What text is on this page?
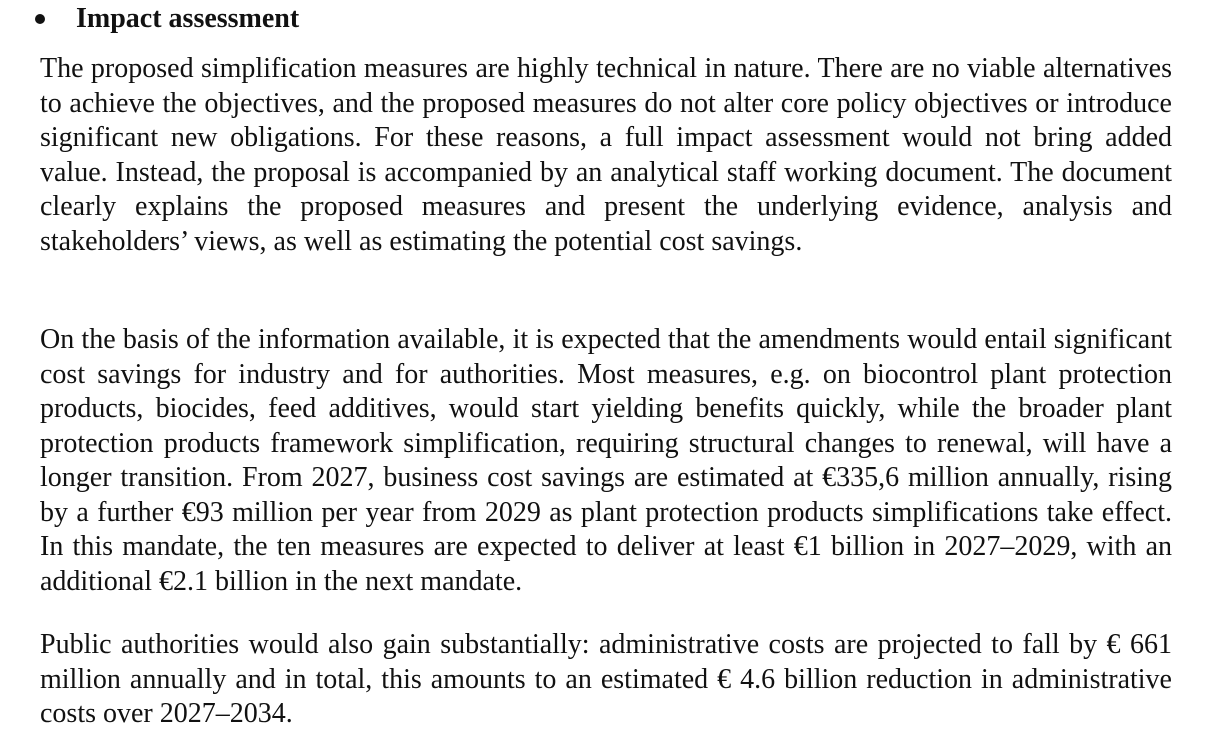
Impact assessment

The proposed simplification measures are highly technical in nature. There are no viable alternatives to achieve the objectives, and the proposed measures do not alter core policy objectives or introduce significant new obligations. For these reasons, a full impact assessment would not bring added value. Instead, the proposal is accompanied by an analytical staff working document. The document clearly explains the proposed measures and present the underlying evidence, analysis and stakeholders’ views, as well as estimating the potential cost savings.

On the basis of the information available, it is expected that the amendments would entail significant cost savings for industry and for authorities. Most measures, e.g. on biocontrol plant protection products, biocides, feed additives, would start yielding benefits quickly, while the broader plant protection products framework simplification, requiring structural changes to renewal, will have a longer transition. From 2027, business cost savings are estimated at €335,6 million annually, rising by a further €93 million per year from 2029 as plant protection products simplifications take effect. In this mandate, the ten measures are expected to deliver at least €1 billion in 2027–2029, with an additional €2.1 billion in the next mandate.

Public authorities would also gain substantially: administrative costs are projected to fall by € 661 million annually and in total, this amounts to an estimated € 4.6 billion reduction in administrative costs over 2027–2034.
